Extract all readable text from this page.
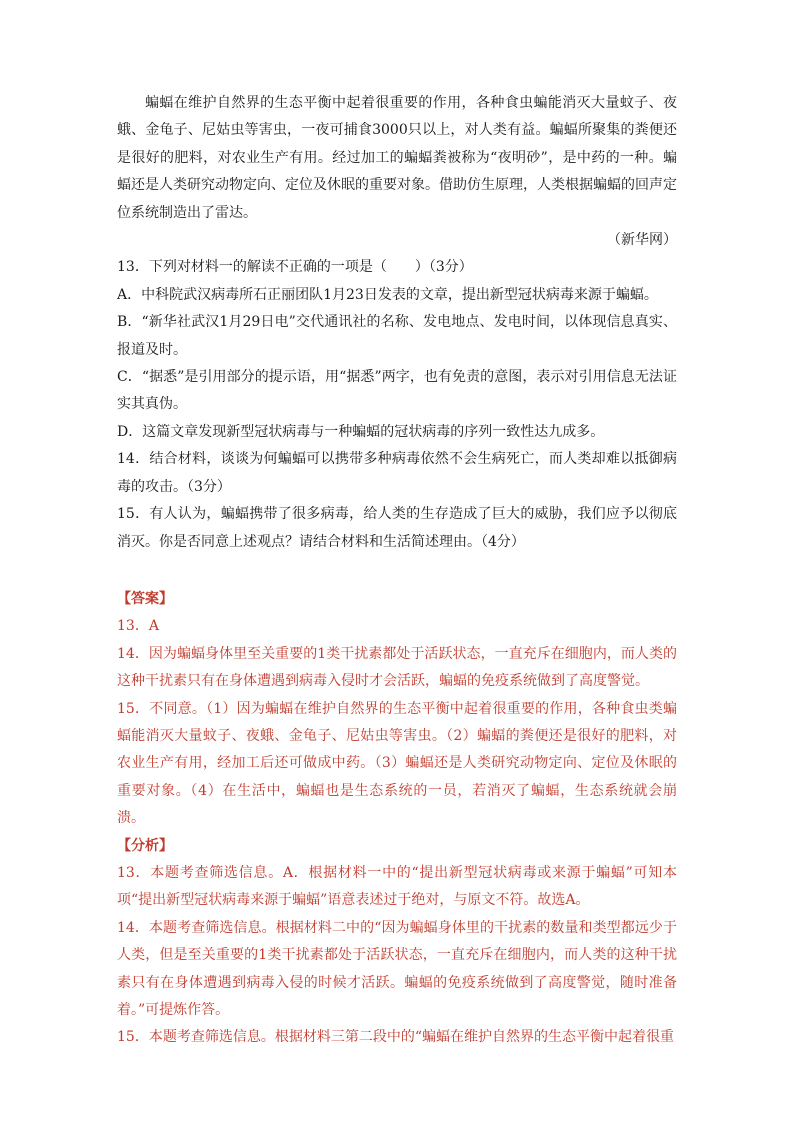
蝙蝠在维护自然界的生态平衡中起着很重要的作用，各种食虫蝙能消灭大量蚊子、夜蛾、金龟子、尼姑虫等害虫，一夜可捕食3000只以上，对人类有益。蝙蝠所聚集的粪便还是很好的肥料，对农业生产有用。经过加工的蝙蝠粪被称为“夜明砂”，是中药的一种。蝙蝠还是人类研究动物定向、定位及休眠的重要对象。借助仿生原理，人类根据蝙蝠的回声定位系统制造出了雷达。

（新华网）

13．下列对材料一的解读不正确的一项是（　　）（3分）

A．中科院武汉病毒所石正丽团队1月23日发表的文章，提出新型冠状病毒来源于蝙蝠。

B．“新华社武汉1月29日电”交代通讯社的名称、发电地点、发电时间，以体现信息真实、报道及时。

C．“据悉”是引用部分的提示语，用“据悉”两字，也有免责的意图，表示对引用信息无法证实其真伪。

D．这篇文章发现新型冠状病毒与一种蝙蝠的冠状病毒的序列一致性达九成多。

14．结合材料，谈谈为何蝙蝠可以携带多种病毒依然不会生病死亡，而人类却难以抵御病毒的攻击。（3分）

15．有人认为，蝙蝠携带了很多病毒，给人类的生存造成了巨大的威胁，我们应予以彻底消灭。你是否同意上述观点？请结合材料和生活简述理由。（4分）

【答案】

13．A

14．因为蝙蝠身体里至关重要的1类干扰素都处于活跃状态，一直充斥在细胞内，而人类的这种干扰素只有在身体遭遇到病毒入侵时才会活跃，蝙蝠的免疫系统做到了高度警觉。

15．不同意。（1）因为蝙蝠在维护自然界的生态平衡中起着很重要的作用，各种食虫类蝙蝠能消灭大量蚊子、夜蛾、金龟子、尼姑虫等害虫。（2）蝙蝠的粪便还是很好的肥料，对农业生产有用，经加工后还可做成中药。（3）蝙蝠还是人类研究动物定向、定位及休眠的重要对象。（4）在生活中，蝙蝠也是生态系统的一员，若消灭了蝙蝠，生态系统就会崩溃。

【分析】

13．本题考查筛选信息。A．根据材料一中的“提出新型冠状病毒或来源于蝙蝠”可知本项“提出新型冠状病毒来源于蝙蝠”语意表述过于绝对，与原文不符。故选A。

14．本题考查筛选信息。根据材料二中的“因为蝙蝠身体里的干扰素的数量和类型都远少于人类，但是至关重要的1类干扰素都处于活跃状态，一直充斥在细胞内，而人类的这种干扰素只有在身体遭遇到病毒入侵的时候才活跃。蝙蝠的免疫系统做到了高度警觉，随时准备着。”可提炼作答。

15．本题考查筛选信息。根据材料三第二段中的“蝙蝠在维护自然界的生态平衡中起着很重
